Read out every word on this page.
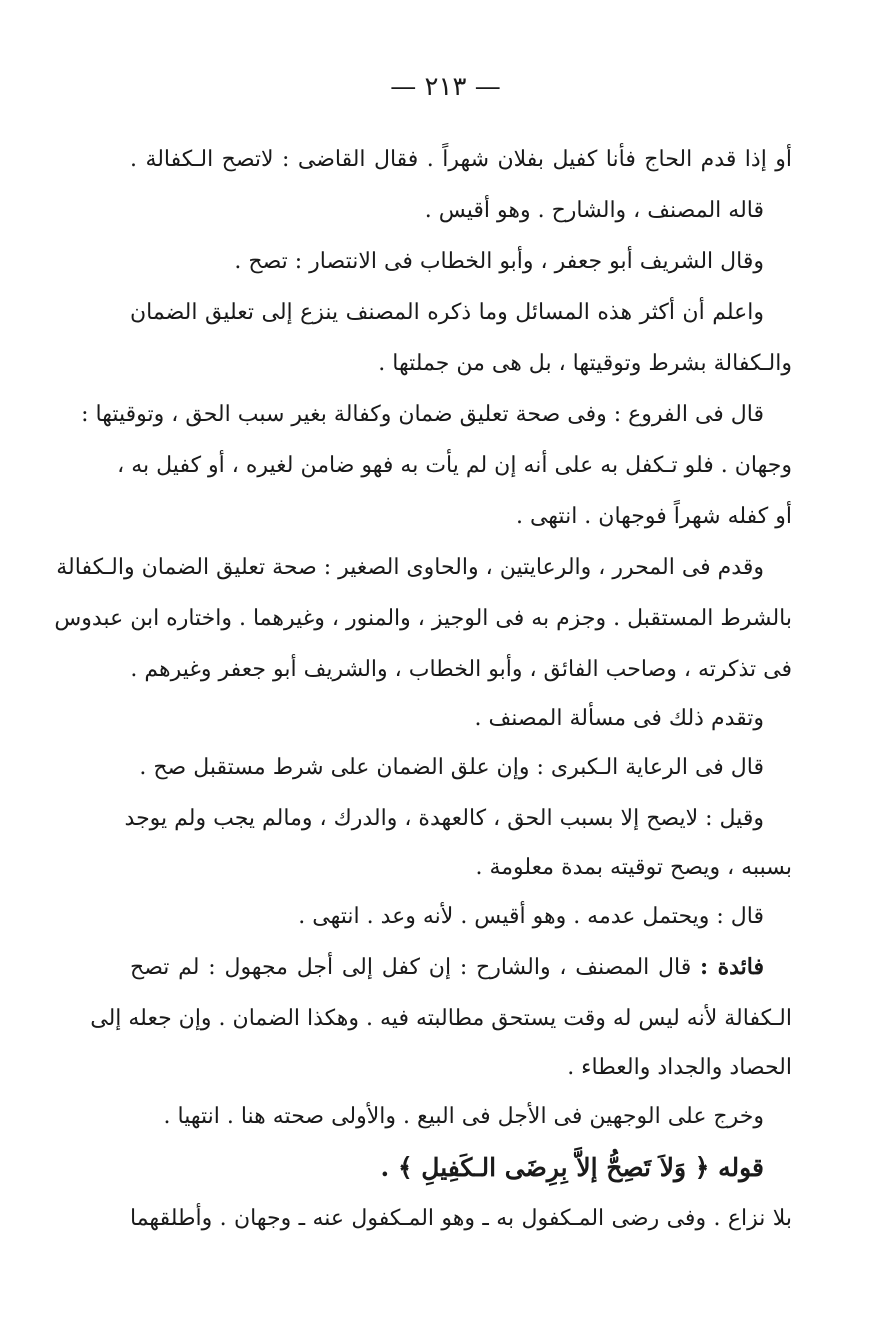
— ٢١٣ —
أو إذا قدم الحاج فأنا كفيل بفلان شهراً . فقال القاضى : لاتصح الـكفالة .
قاله المصنف ، والشارح . وهو أقيس .
وقال الشريف أبو جعفر ، وأبو الخطاب فى الانتصار : تصح .
واعلم أن أكثر هذه المسائل وما ذكره المصنف ينزع إلى تعليق الضمان
والـكفالة بشرط وتوقيتها ، بل هى من جملتها .
قال فى الفروع : وفى صحة تعليق ضمان وكفالة بغير سبب الحق ، وتوقيتها :
وجهان . فلو تـكفل به على أنه إن لم يأت به فهو ضامن لغيره ، أو كفيل به ،
أو كفله شهراً فوجهان . انتهى .
وقدم فى المحرر ، والرعايتين ، والحاوى الصغير : صحة تعليق الضمان والـكفالة
بالشرط المستقبل . وجزم به فى الوجيز ، والمنور ، وغيرهما . واختاره ابن عبدوس
فى تذكرته ، وصاحب الفائق ، وأبو الخطاب ، والشريف أبو جعفر وغيرهم .
وتقدم ذلك فى مسألة المصنف .
قال فى الرعاية الـكبرى : وإن علق الضمان على شرط مستقبل صح .
وقيل : لايصح إلا بسبب الحق ، كالعهدة ، والدرك ، ومالم يجب ولم يوجد
بسببه ، ويصح توقيته بمدة معلومة .
قال : ويحتمل عدمه . وهو أقيس . لأنه وعد . انتهى .
فائدة : قال المصنف ، والشارح : إن كفل إلى أجل مجهول : لم تصح
الـكفالة لأنه ليس له وقت يستحق مطالبته فيه . وهكذا الضمان . وإن جعله إلى
الحصاد والجداد والعطاء .
وخرج على الوجهين فى الأجل فى البيع . والأولى صحته هنا . انتهيا .
قوله ﴿ وَلاَ تَصِحُّ إلاَّ بِرِضَى الـكَفِيلِ ﴾ .
بلا نزاع . وفى رضى المـكفول به ـ وهو المـكفول عنه ـ وجهان . وأطلقهما
